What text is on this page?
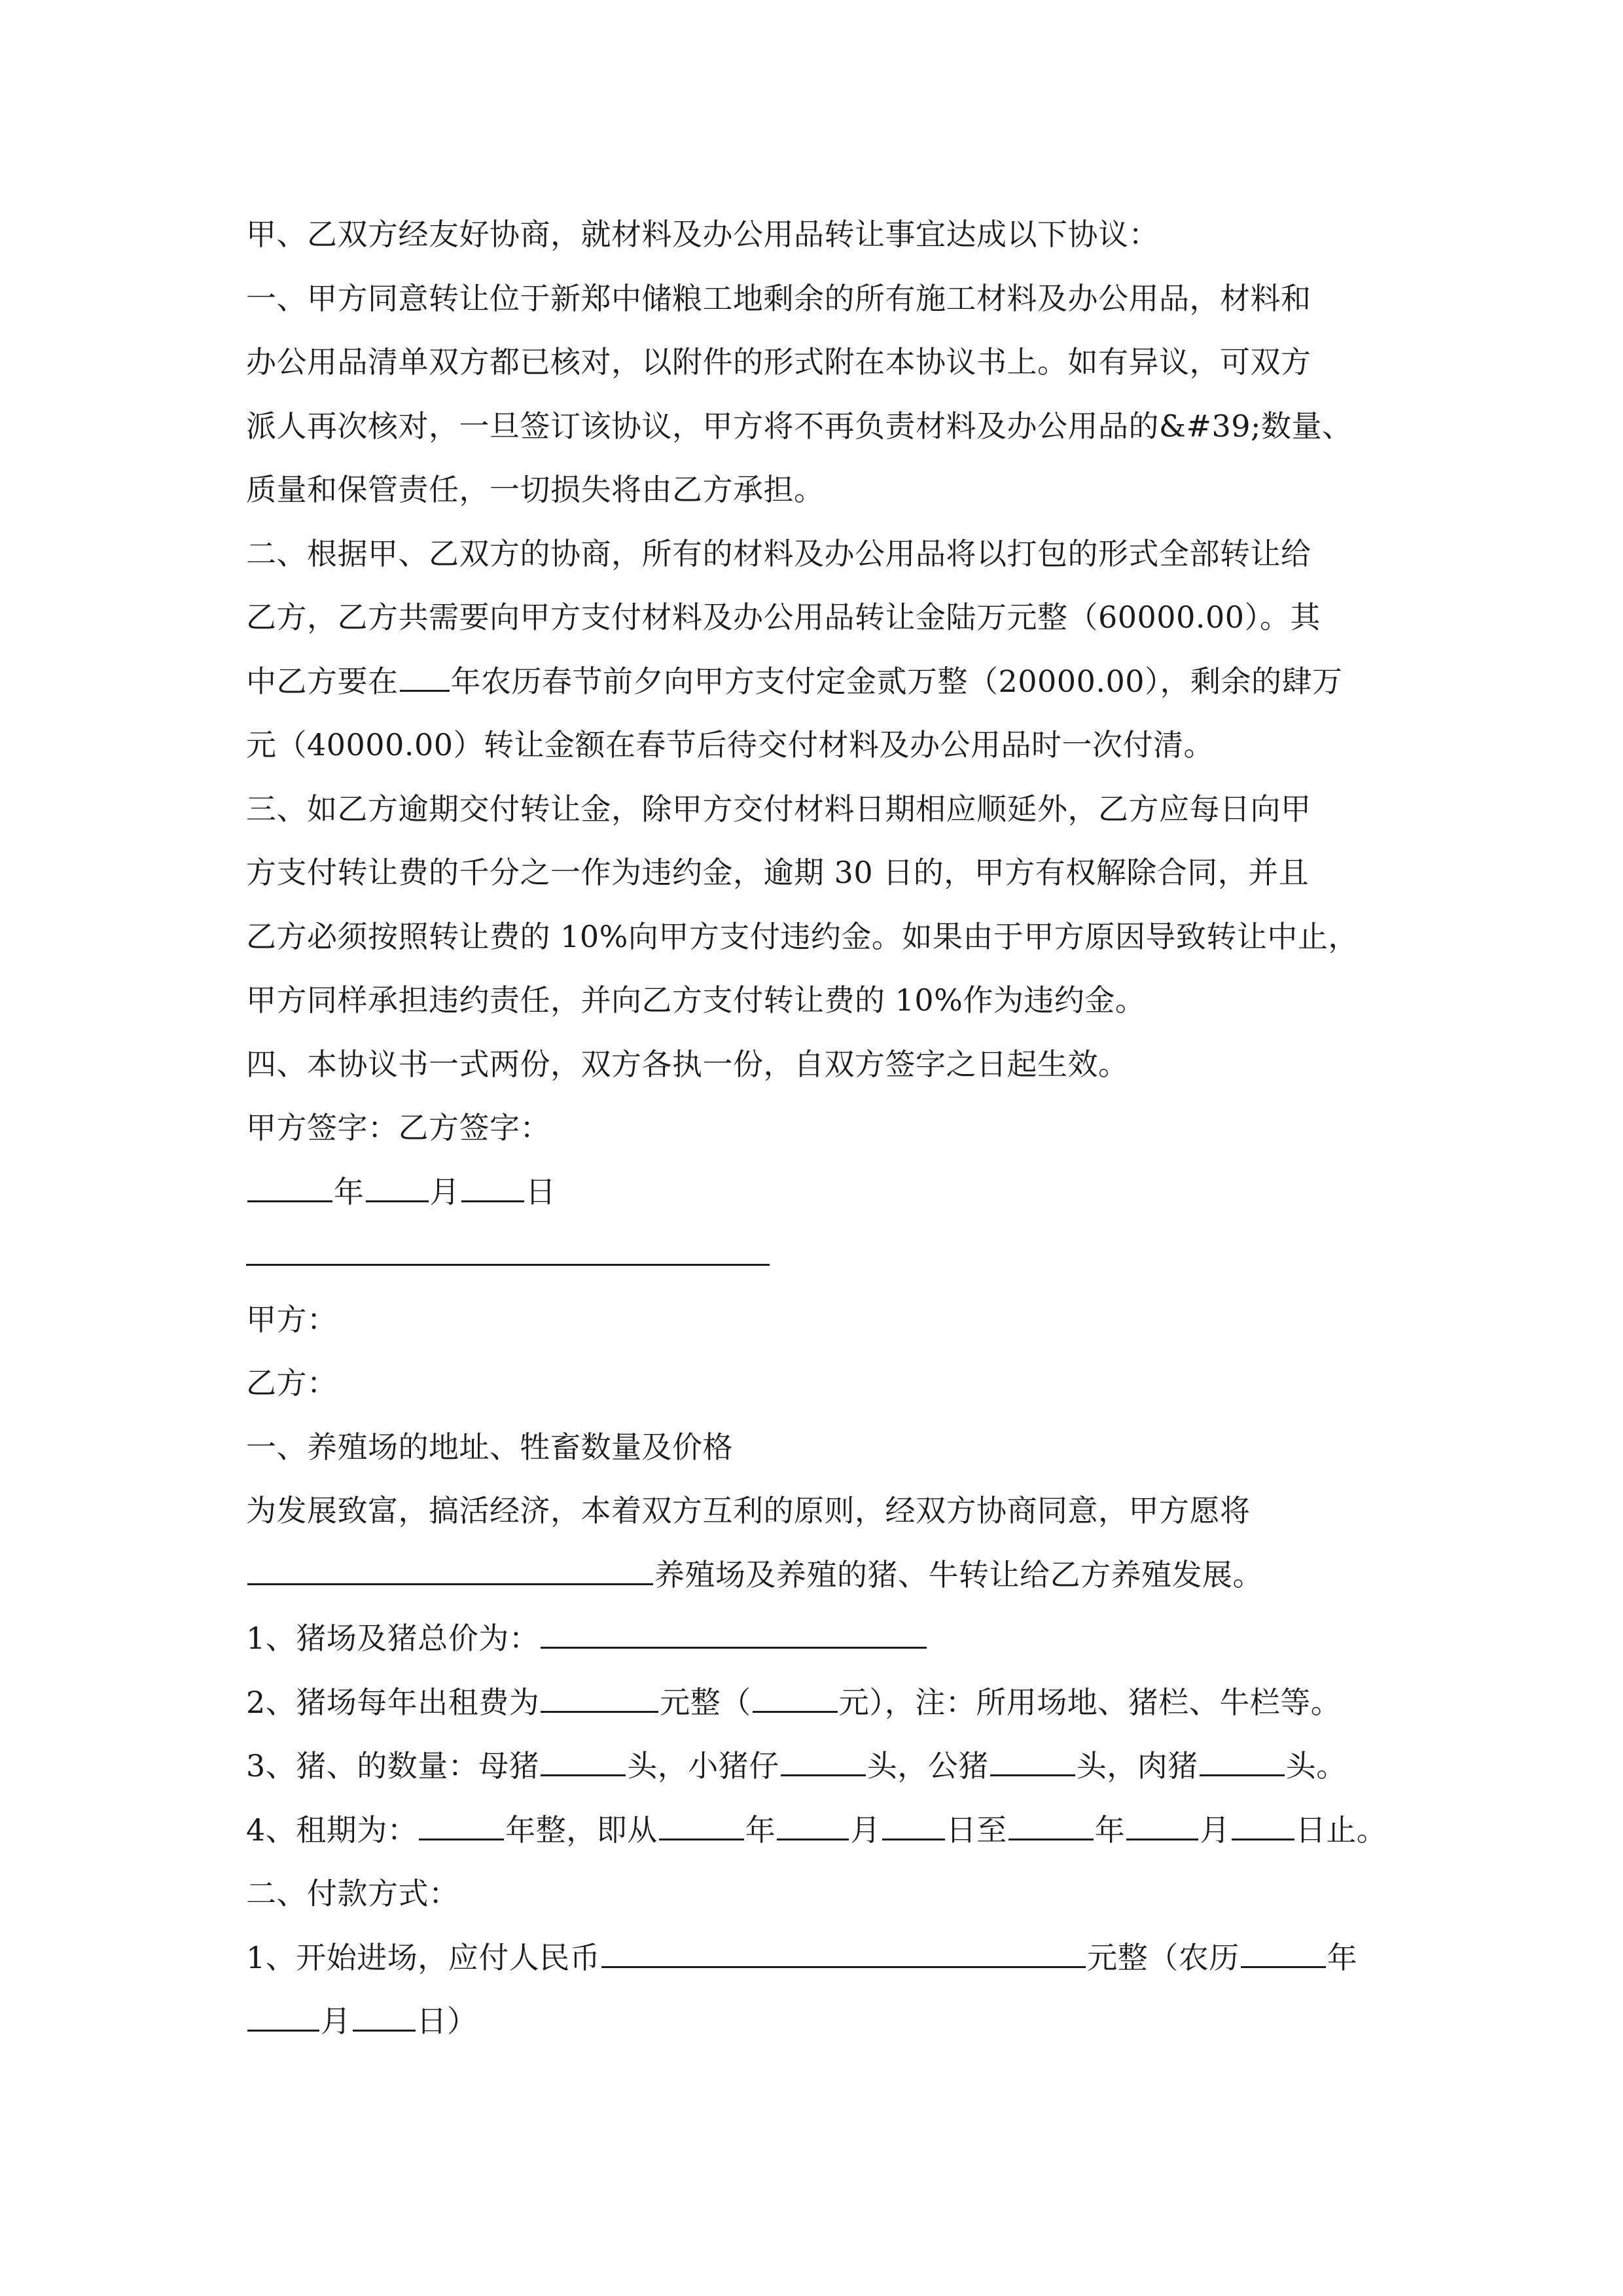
甲、乙双方经友好协商，就材料及办公用品转让事宜达成以下协议：
一、甲方同意转让位于新郑中储粮工地剩余的所有施工材料及办公用品，材料和
办公用品清单双方都已核对，以附件的形式附在本协议书上。如有异议，可双方
派人再次核对，一旦签订该协议，甲方将不再负责材料及办公用品的&#39;数量、
质量和保管责任，一切损失将由乙方承担。
二、根据甲、乙双方的协商，所有的材料及办公用品将以打包的形式全部转让给
乙方，乙方共需要向甲方支付材料及办公用品转让金陆万元整（60000.00）。其
中乙方要在 年农历春节前夕向甲方支付定金贰万整（20000.00），剩余的肆万
元（40000.00）转让金额在春节后待交付材料及办公用品时一次付清。
三、如乙方逾期交付转让金，除甲方交付材料日期相应顺延外，乙方应每日向甲
方支付转让费的千分之一作为违约金，逾期 30 日的，甲方有权解除合同，并且
乙方必须按照转让费的 10%向甲方支付违约金。如果由于甲方原因导致转让中止，
甲方同样承担违约责任，并向乙方支付转让费的 10%作为违约金。
四、本协议书一式两份，双方各执一份，自双方签字之日起生效。
甲方签字：乙方签字：
年 月 日
甲方：
乙方：
一、养殖场的地址、牲畜数量及价格
为发展致富，搞活经济，本着双方互利的原则，经双方协商同意，甲方愿将
养殖场及养殖的猪、牛转让给乙方养殖发展。
1、猪场及猪总价为：
2、猪场每年出租费为	元整（	元），注：所用场地、猪栏、牛栏等。
3、猪、的数量：母猪	头，小猪仔	头，公猪	头，肉猪	头。
4、租期为：	年整，即从	年 月 日至	年 月 日止。
二、付款方式：
1、开始进场，应付人民币	元整（农历	年
月 日）
